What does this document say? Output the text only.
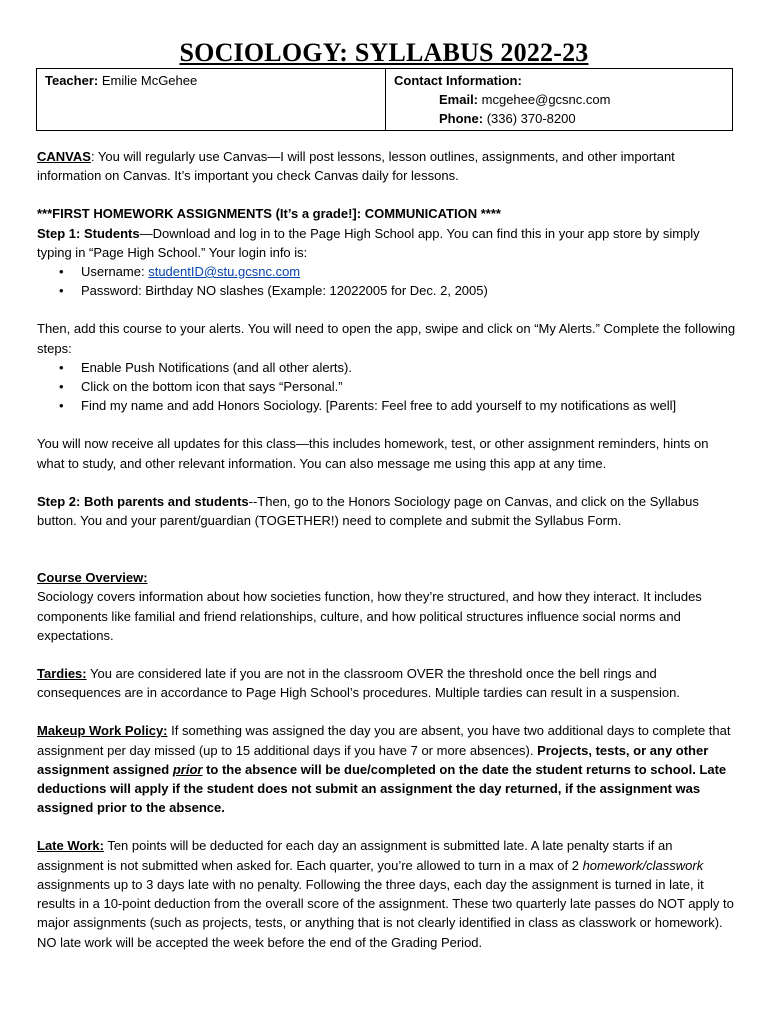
SOCIOLOGY: SYLLABUS 2022-23
Teacher: Emilie McGehee	Contact Information:
Email: mcgehee@gcsnc.com
Phone: (336) 370-8200

CANVAS: You will regularly use Canvas—I will post lessons, lesson outlines, assignments, and other important information on Canvas. It’s important you check Canvas daily for lessons.

***FIRST HOMEWORK ASSIGNMENTS (It’s a grade!]: COMMUNICATION ****

Step 1: Students—Download and log in to the Page High School app. You can find this in your app store by simply typing in “Page High School.” Your login info is:

• Username: studentID@stu.gcsnc.com
• Password: Birthday NO slashes (Example: 12022005 for Dec. 2, 2005)

Then, add this course to your alerts. You will need to open the app, swipe and click on “My Alerts.” Complete the following steps:

• Enable Push Notifications (and all other alerts).
• Click on the bottom icon that says “Personal.”
• Find my name and add Honors Sociology. [Parents: Feel free to add yourself to my notifications as well]

You will now receive all updates for this class—this includes homework, test, or other assignment reminders, hints on what to study, and other relevant information. You can also message me using this app at any time.

Step 2: Both parents and students--Then, go to the Honors Sociology page on Canvas, and click on the Syllabus button. You and your parent/guardian (TOGETHER!) need to complete and submit the Syllabus Form.

Course Overview:

Sociology covers information about how societies function, how they’re structured, and how they interact. It includes components like familial and friend relationships, culture, and how political structures influence social norms and expectations.

Tardies: You are considered late if you are not in the classroom OVER the threshold once the bell rings and consequences are in accordance to Page High School’s procedures. Multiple tardies can result in a suspension.

Makeup Work Policy: If something was assigned the day you are absent, you have two additional days to complete that assignment per day missed (up to 15 additional days if you have 7 or more absences). Projects, tests, or any other assignment assigned prior to the absence will be due/completed on the date the student returns to school. Late deductions will apply if the student does not submit an assignment the day returned, if the assignment was assigned prior to the absence.

Late Work: Ten points will be deducted for each day an assignment is submitted late. A late penalty starts if an assignment is not submitted when asked for. Each quarter, you’re allowed to turn in a max of 2 homework/classwork assignments up to 3 days late with no penalty. Following the three days, each day the assignment is turned in late, it results in a 10-point deduction from the overall score of the assignment. These two quarterly late passes do NOT apply to major assignments (such as projects, tests, or anything that is not clearly identified in class as classwork or homework). NO late work will be accepted the week before the end of the Grading Period.
